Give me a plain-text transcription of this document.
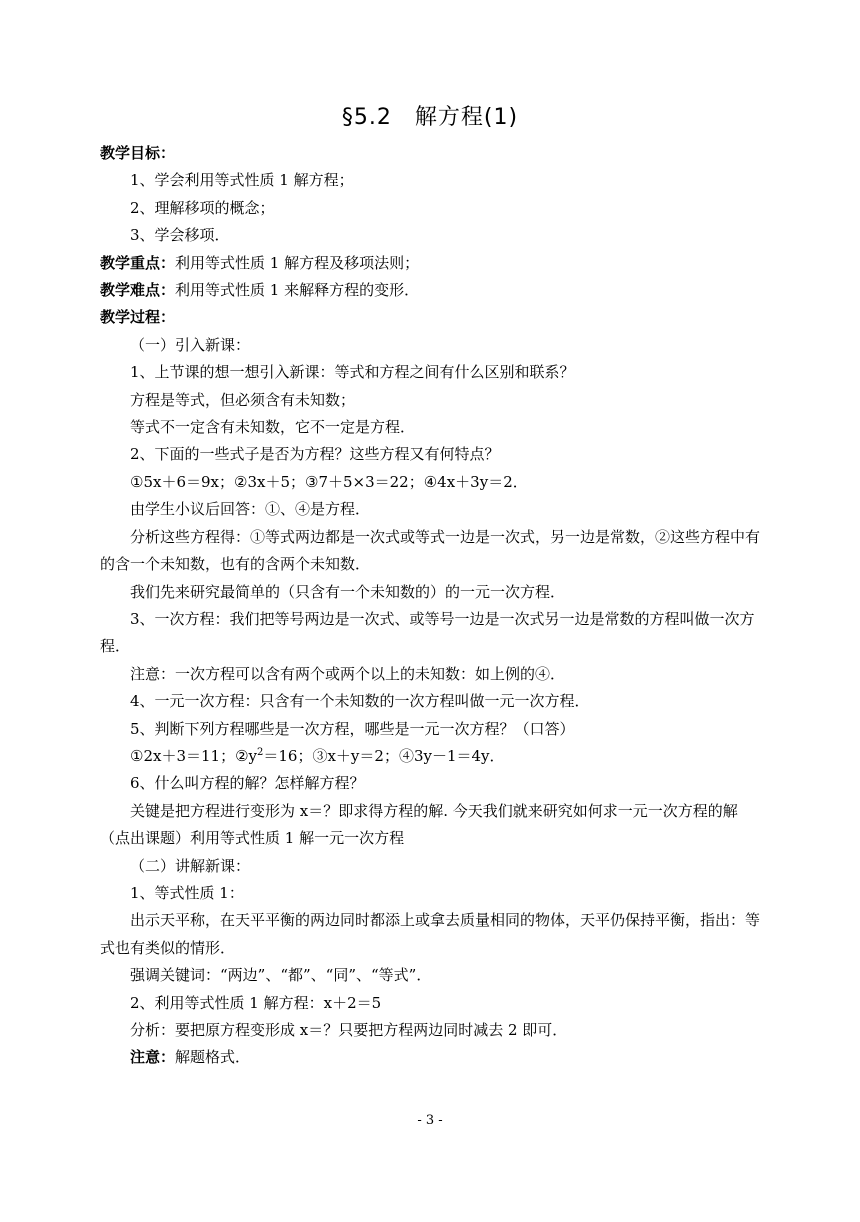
§5.2　解方程(1)

教学目标：

1、学会利用等式性质 1 解方程；

2、理解移项的概念；

3、学会移项．

教学重点：利用等式性质 1 解方程及移项法则；

教学难点：利用等式性质 1 来解释方程的变形．

教学过程：

（一）引入新课：

1、上节课的想一想引入新课：等式和方程之间有什么区别和联系？

方程是等式，但必须含有未知数；

等式不一定含有未知数，它不一定是方程．

2、下面的一些式子是否为方程？这些方程又有何特点？

①5x＋6＝9x；②3x＋5；③7＋5×3＝22；④4x＋3y＝2．

由学生小议后回答：①、④是方程．

分析这些方程得：①等式两边都是一次式或等式一边是一次式，另一边是常数，②这些方程中有的含一个未知数，也有的含两个未知数．

我们先来研究最简单的（只含有一个未知数的）的一元一次方程．

3、一次方程：我们把等号两边是一次式、或等号一边是一次式另一边是常数的方程叫做一次方程．

注意：一次方程可以含有两个或两个以上的未知数：如上例的④．

4、一元一次方程：只含有一个未知数的一次方程叫做一元一次方程．

5、判断下列方程哪些是一次方程，哪些是一元一次方程？（口答）

①2x＋3＝11；$②y^2=16$；③x＋y＝2；④3y－1＝4y．

6、什么叫方程的解？怎样解方程？

关键是把方程进行变形为 x＝？即求得方程的解. 今天我们就来研究如何求一元一次方程的解（点出课题）利用等式性质 1 解一元一次方程

（二）讲解新课：

1、等式性质 1：

出示天平称，在天平平衡的两边同时都添上或拿去质量相同的物体，天平仍保持平衡，指出：等式也有类似的情形．

强调关键词：“两边”、“都”、“同”、“等式”．

2、利用等式性质 1 解方程：x＋2＝5

分析：要把原方程变形成 x＝？只要把方程两边同时减去 2 即可．

注意：解题格式．

- 3 -
